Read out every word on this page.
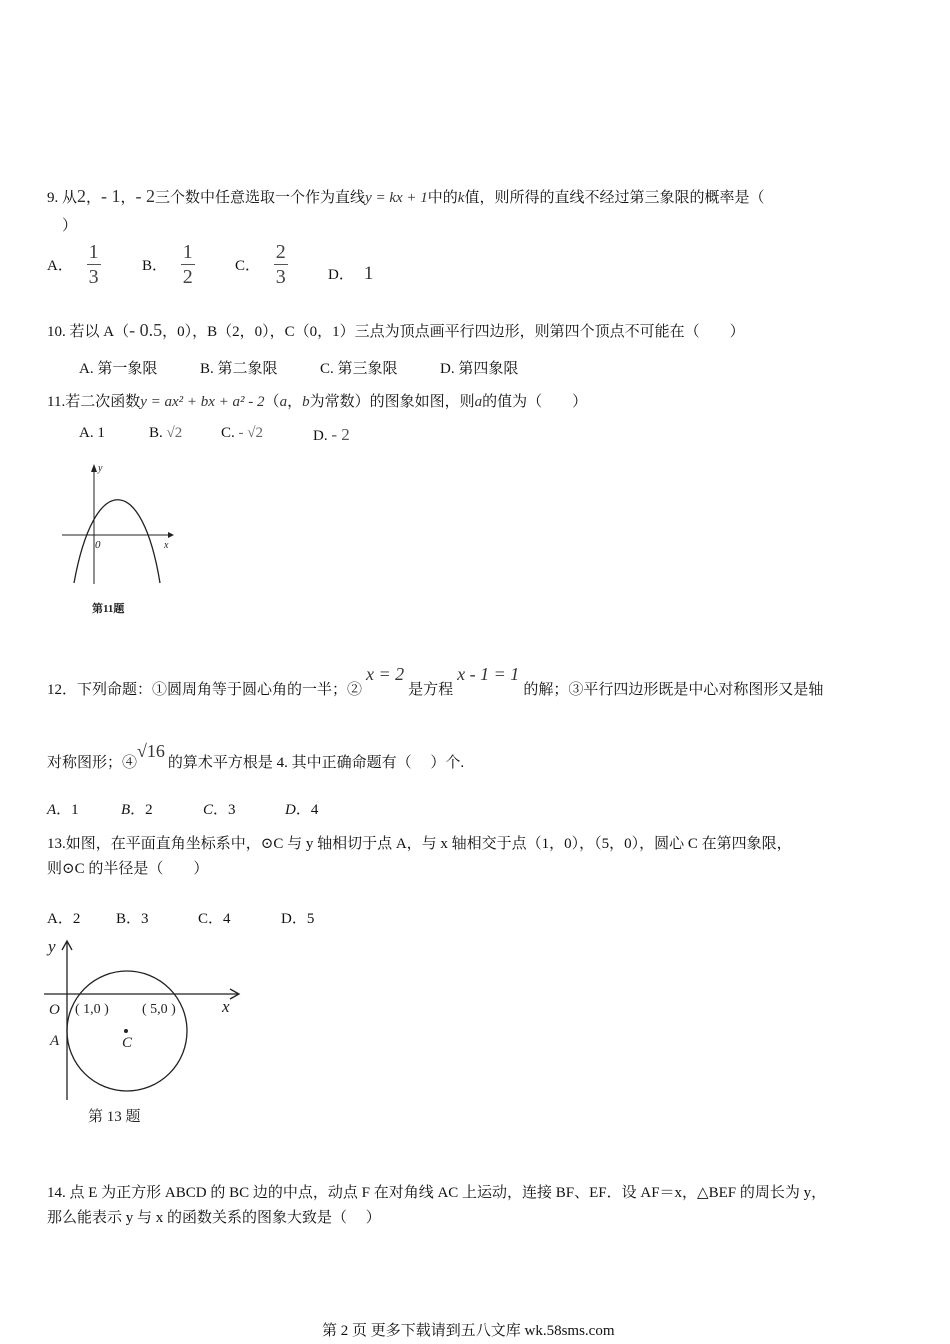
9. 从2，- 1，- 2三个数中任意选取一个作为直线y = kx + 1中的k值，则所得的直线不经过第三象限的概率是（
）
A． $\frac{1}{3}$	B． $\frac{1}{2}$	C． $\frac{2}{3}$	D． 1
10. 若以 A（- 0.5，0），B（2，0），C（0，1）三点为顶点画平行四边形，则第四个顶点不可能在（　　）
A. 第一象限	B. 第二象限	C. 第三象限	D. 第四象限
11.若二次函数y = ax² + bx + a² - 2（a，b为常数）的图象如图，则a的值为（　　）
A. 1	B. √2	C. - √2	D. - 2
y
x
0
第11题
12．下列命题：①圆周角等于圆心角的一半；②x = 2是方程x - 1 = 1的解；③平行四边形既是中心对称图形又是轴
对称图形；④√16的算术平方根是 4. 其中正确命题有（　 ）个.
A．1	B．2	C．3	D．4
13.如图，在平面直角坐标系中，⊙C 与 y 轴相切于点 A，与 x 轴相交于点（1，0），（5，0），圆心 C 在第四象限，
则⊙C 的半径是（　　）
A．2 B．3	C．4	D．5
y
x
O
A
( 1,0 ) ( 5,0 )
C
第 13 题
14. 点 E 为正方形 ABCD 的 BC 边的中点，动点 F 在对角线 AC 上运动，连接 BF、EF．设 AF＝x，△BEF 的周长为 y，
那么能表示 y 与 x 的函数关系的图象大致是（　 ）
第 2 页 更多下载请到五八文库 wk.58sms.com
